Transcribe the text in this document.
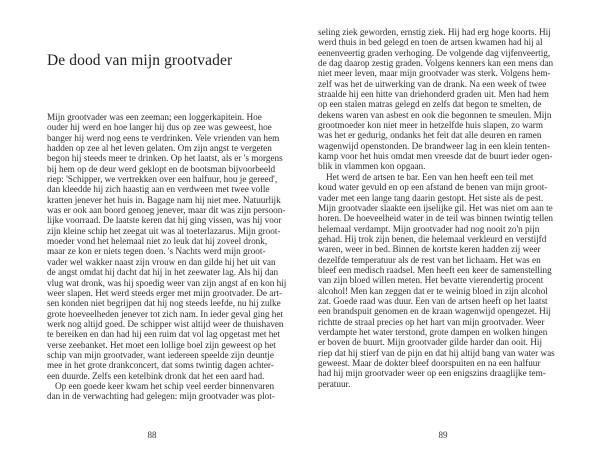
De dood van mijn grootvader
Mijn grootvader was een zeeman; een loggerkapitein. Hoe
ouder hij werd en hoe langer hij dus op zee was geweest, hoe
banger hij werd nog eens te verdrinken. Vele vrienden van hem
hadden op zee al het leven gelaten. Om zijn angst te vergeten
begon hij steeds meer te drinken. Op het laatst, als er 's morgens
bij hem op de deur werd geklopt en de bootsman bijvoorbeeld
riep: 'Schipper, we vertrekken over een halfuur, hou je gereed',
dan kleedde hij zich haastig aan en verdween met twee volle
kratten jenever het huis in. Bagage nam hij niet mee. Natuurlijk
was er ook aan boord genoeg jenever, maar dit was zijn persoon-
lijke voorraad. De laatste keren dat hij ging vissen, was hij voor
zijn kleine schip het zeegat uit was al toeterlazarus. Mijn groot-
moeder vond het helemaal niet zo leuk dat hij zoveel dronk,
maar ze kon er niets tegen doen. 's Nachts werd mijn groot-
vader wel wakker naast zijn vrouw en dan gilde hij het uit van
de angst omdat hij dacht dat hij in het zeewater lag. Als hij dan
vlug wat dronk, was hij spoedig weer van zijn angst af en kon hij
weer slapen. Het werd steeds erger met mijn grootvader. De art-
sen konden niet begrijpen dat hij nog steeds leefde, nu hij zulke
grote hoeveelheden jenever tot zich nam. In ieder geval ging het
werk nog altijd goed. De schipper wist altijd weer de thuishaven
te bereiken en dan had hij een ruim dat vol lag opgetast met het
verse zeebanket. Het moet een lollige boel zijn geweest op het
schip van mijn grootvader, want iedereen speelde zijn deuntje
mee in het grote drankconcert, dat soms twintig dagen achter-
een duurde. Zelfs een ketelbink dronk dat het een aard had.
Op een goede keer kwam het schip veel eerder binnenvaren
dan in de verwachting had gelegen: mijn grootvader was plot-
88
seling ziek geworden, ernstig ziek. Hij had erg hoge koorts. Hij
werd thuis in bed gelegd en toen de artsen kwamen had hij al
eenenveertig graden verhoging. De volgende dag vijfenveertig,
de dag daarop zestig graden. Volgens kenners kan een mens dan
niet meer leven, maar mijn grootvader was sterk. Volgens hem-
zelf was het de uitwerking van de drank. Na een week of twee
straalde hij een hitte van driehonderd graden uit. Men had hem
op een stalen matras gelegd en zelfs dat begon te smelten, de
dekens waren van asbest en ook die begonnen te smeulen. Mijn
grootmoeder kon niet meer in hetzelfde huis slapen, zo warm
was het er gedurig, ondanks het feit dat alle deuren en ramen
wagenwijd openstonden. De brandweer lag in een klein tenten-
kamp voor het huis omdat men vreesde dat de buurt ieder ogen-
blik in vlammen kon opgaan.
Het werd de artsen te bar. Een van hen heeft een teil met
koud water gevuld en op een afstand de benen van mijn groot-
vader met een lange tang daarin gestopt. Het siste als de pest.
Mijn grootvader slaakte een ijselijke gil. Het was niet om aan te
horen. De hoeveelheid water in de teil was binnen twintig tellen
helemaal verdampt. Mijn grootvader had nog nooit zo'n pijn
gehad. Hij trok zijn benen, die helemaal verkleurd en verstijfd
waren, weer in bed. Binnen de kortste keren hadden zij weer
dezelfde temperatuur als de rest van het lichaam. Het was en
bleef een medisch raadsel. Men heeft een keer de samenstelling
van zijn bloed willen meten. Het bevatte vierendertig procent
alcohol! Men kan zeggen dat er te weinig bloed in zijn alcohol
zat. Goede raad was duur. Een van de artsen heeft op het laatst
een brandspuit genomen en de kraan wagenwijd opengezet. Hij
richtte de straal precies op het hart van mijn grootvader. Weer
verdampte het water terstond, grote dampen en wolken hingen
er boven de buurt. Mijn grootvader gilde harder dan ooit. Hij
riep dat hij stierf van de pijn en dat hij altijd bang van water was
geweest. Maar de dokter bleef doorspuiten en na een halfuur
had hij mijn grootvader weer op een enigszins draaglijke tem-
peratuur.
89
